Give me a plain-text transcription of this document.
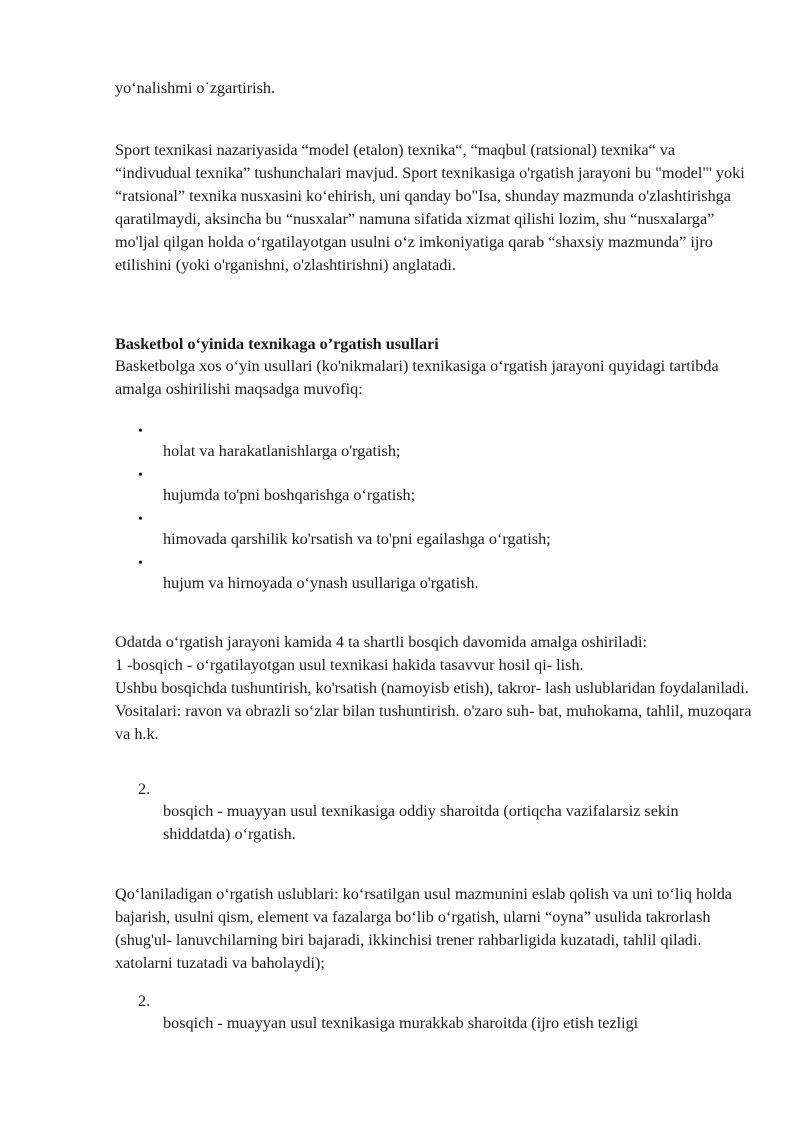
yo‘nalishmi o˙zgartirish.

Sport texnikasi nazariyasida “model (etalon) texnika“, “maqbul (ratsional) texnika“ va “indivudual texnika” tushunchalari mavjud. Sport texnikasiga o'rgatish jarayoni bu "model"' yoki “ratsional” texnika nusxasini ko‘ehirish, uni qanday bo"Isa, shunday mazmunda o'zlashtirishga qaratilmaydi, aksincha bu “nusxalar” namuna sifatida xizmat qilishi lozim, shu “nusxalarga” mo'ljal qilgan holda o‘rgatilayotgan usulni o‘z imkoniyatiga qarab “shaxsiy mazmunda” ijro etilishini (yoki o'rganishni, o'zlashtirishni) anglatadi.

Basketbol o‘yinida texnikaga o’rgatish usullari

Basketbolga xos o‘yin usullari (ko'nikmalari) texnikasiga o‘rgatish jarayoni quyidagi tartibda amalga oshirilishi maqsadga muvofiq:

•
holat va harakatlanishlarga o'rgatish;
•
hujumda to'pni boshqarishga o‘rgatish;
•
himovada qarshilik ko'rsatish va to'pni egailashga o‘rgatish;
•
hujum va hirnoyada o‘ynash usullariga o'rgatish.

Odatda o‘rgatish jarayoni kamida 4 ta shartli bosqich davomida amalga oshiriladi:

1 -bosqich - o‘rgatilayotgan usul texnikasi hakida tasavvur hosil qi- lish.

Ushbu bosqichda tushuntirish, ko'rsatish (namoyisb etish), takror- lash uslublaridan foydalaniladi.

Vositalari: ravon va obrazli so‘zlar bilan tushuntirish. o'zaro suh- bat, muhokama, tahlil, muzoqara va h.k.

2.

bosqich - muayyan usul texnikasiga oddiy sharoitda (ortiqcha vazifalarsiz sekin shiddatda) o‘rgatish.

Qo‘laniladigan o‘rgatish uslublari: ko‘rsatilgan usul mazmunini eslab qolish va uni to‘liq holda bajarish, usulni qism, element va fazalarga bo‘lib o‘rgatish, ularni “oyna” usulida takrorlash (shug'ul- lanuvchilarning biri bajaradi, ikkinchisi trener rahbarligida kuzatadi, tahlil qiladi. xatolarni tuzatadi va baholaydi);

2.

bosqich - muayyan usul texnikasiga murakkab sharoitda (ijro etish tezligi
